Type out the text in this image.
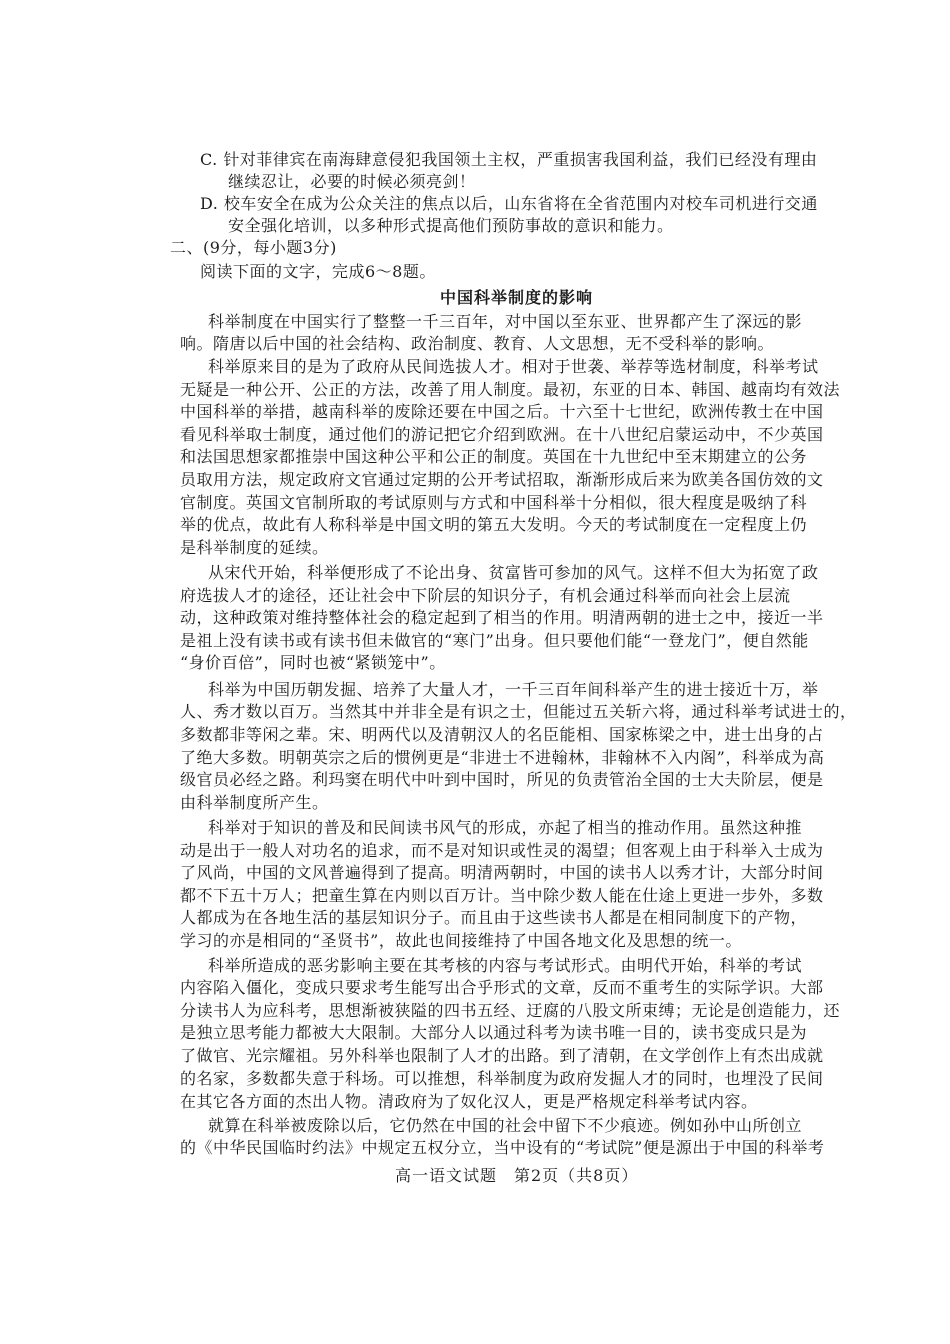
C. 针对菲律宾在南海肆意侵犯我国领土主权，严重损害我国利益，我们已经没有理由
继续忍让，必要的时候必须亮剑！
D. 校车安全在成为公众关注的焦点以后，山东省将在全省范围内对校车司机进行交通
安全强化培训，以多种形式提高他们预防事故的意识和能力。
二、(9分，每小题3分)
阅读下面的文字，完成6～8题。
中国科举制度的影响
科举制度在中国实行了整整一千三百年，对中国以至东亚、世界都产生了深远的影
响。隋唐以后中国的社会结构、政治制度、教育、人文思想，无不受科举的影响。
科举原来目的是为了政府从民间选拔人才。相对于世袭、举荐等选材制度，科举考试
无疑是一种公开、公正的方法，改善了用人制度。最初，东亚的日本、韩国、越南均有效法
中国科举的举措，越南科举的废除还要在中国之后。十六至十七世纪，欧洲传教士在中国
看见科举取士制度，通过他们的游记把它介绍到欧洲。在十八世纪启蒙运动中，不少英国
和法国思想家都推崇中国这种公平和公正的制度。英国在十九世纪中至末期建立的公务
员取用方法，规定政府文官通过定期的公开考试招取，渐渐形成后来为欧美各国仿效的文
官制度。英国文官制所取的考试原则与方式和中国科举十分相似，很大程度是吸纳了科
举的优点，故此有人称科举是中国文明的第五大发明。今天的考试制度在一定程度上仍
是科举制度的延续。
从宋代开始，科举便形成了不论出身、贫富皆可参加的风气。这样不但大为拓宽了政
府选拔人才的途径，还让社会中下阶层的知识分子，有机会通过科举而向社会上层流
动，这种政策对维持整体社会的稳定起到了相当的作用。明清两朝的进士之中，接近一半
是祖上没有读书或有读书但未做官的“寒门”出身。但只要他们能“一登龙门”，便自然能
“身价百倍”，同时也被“紧锁笼中”。
科举为中国历朝发掘、培养了大量人才，一千三百年间科举产生的进士接近十万，举
人、秀才数以百万。当然其中并非全是有识之士，但能过五关斩六将，通过科举考试进士的，
多数都非等闲之辈。宋、明两代以及清朝汉人的名臣能相、国家栋梁之中，进士出身的占
了绝大多数。明朝英宗之后的惯例更是“非进士不进翰林，非翰林不入内阁”，科举成为高
级官员必经之路。利玛窦在明代中叶到中国时，所见的负责管治全国的士大夫阶层，便是
由科举制度所产生。
科举对于知识的普及和民间读书风气的形成，亦起了相当的推动作用。虽然这种推
动是出于一般人对功名的追求，而不是对知识或性灵的渴望；但客观上由于科举入士成为
了风尚，中国的文风普遍得到了提高。明清两朝时，中国的读书人以秀才计，大部分时间
都不下五十万人；把童生算在内则以百万计。当中除少数人能在仕途上更进一步外，多数
人都成为在各地生活的基层知识分子。而且由于这些读书人都是在相同制度下的产物，
学习的亦是相同的“圣贤书”，故此也间接维持了中国各地文化及思想的统一。
科举所造成的恶劣影响主要在其考核的内容与考试形式。由明代开始，科举的考试
内容陷入僵化，变成只要求考生能写出合乎形式的文章，反而不重考生的实际学识。大部
分读书人为应科考，思想渐被狭隘的四书五经、迂腐的八股文所束缚；无论是创造能力，还
是独立思考能力都被大大限制。大部分人以通过科考为读书唯一目的，读书变成只是为
了做官、光宗耀祖。另外科举也限制了人才的出路。到了清朝，在文学创作上有杰出成就
的名家，多数都失意于科场。可以推想，科举制度为政府发掘人才的同时，也埋没了民间
在其它各方面的杰出人物。清政府为了奴化汉人，更是严格规定科举考试内容。
就算在科举被废除以后，它仍然在中国的社会中留下不少痕迹。例如孙中山所创立
的《中华民国临时约法》中规定五权分立，当中设有的“考试院”便是源出于中国的科举考
高一语文试题　第2页（共8页）
